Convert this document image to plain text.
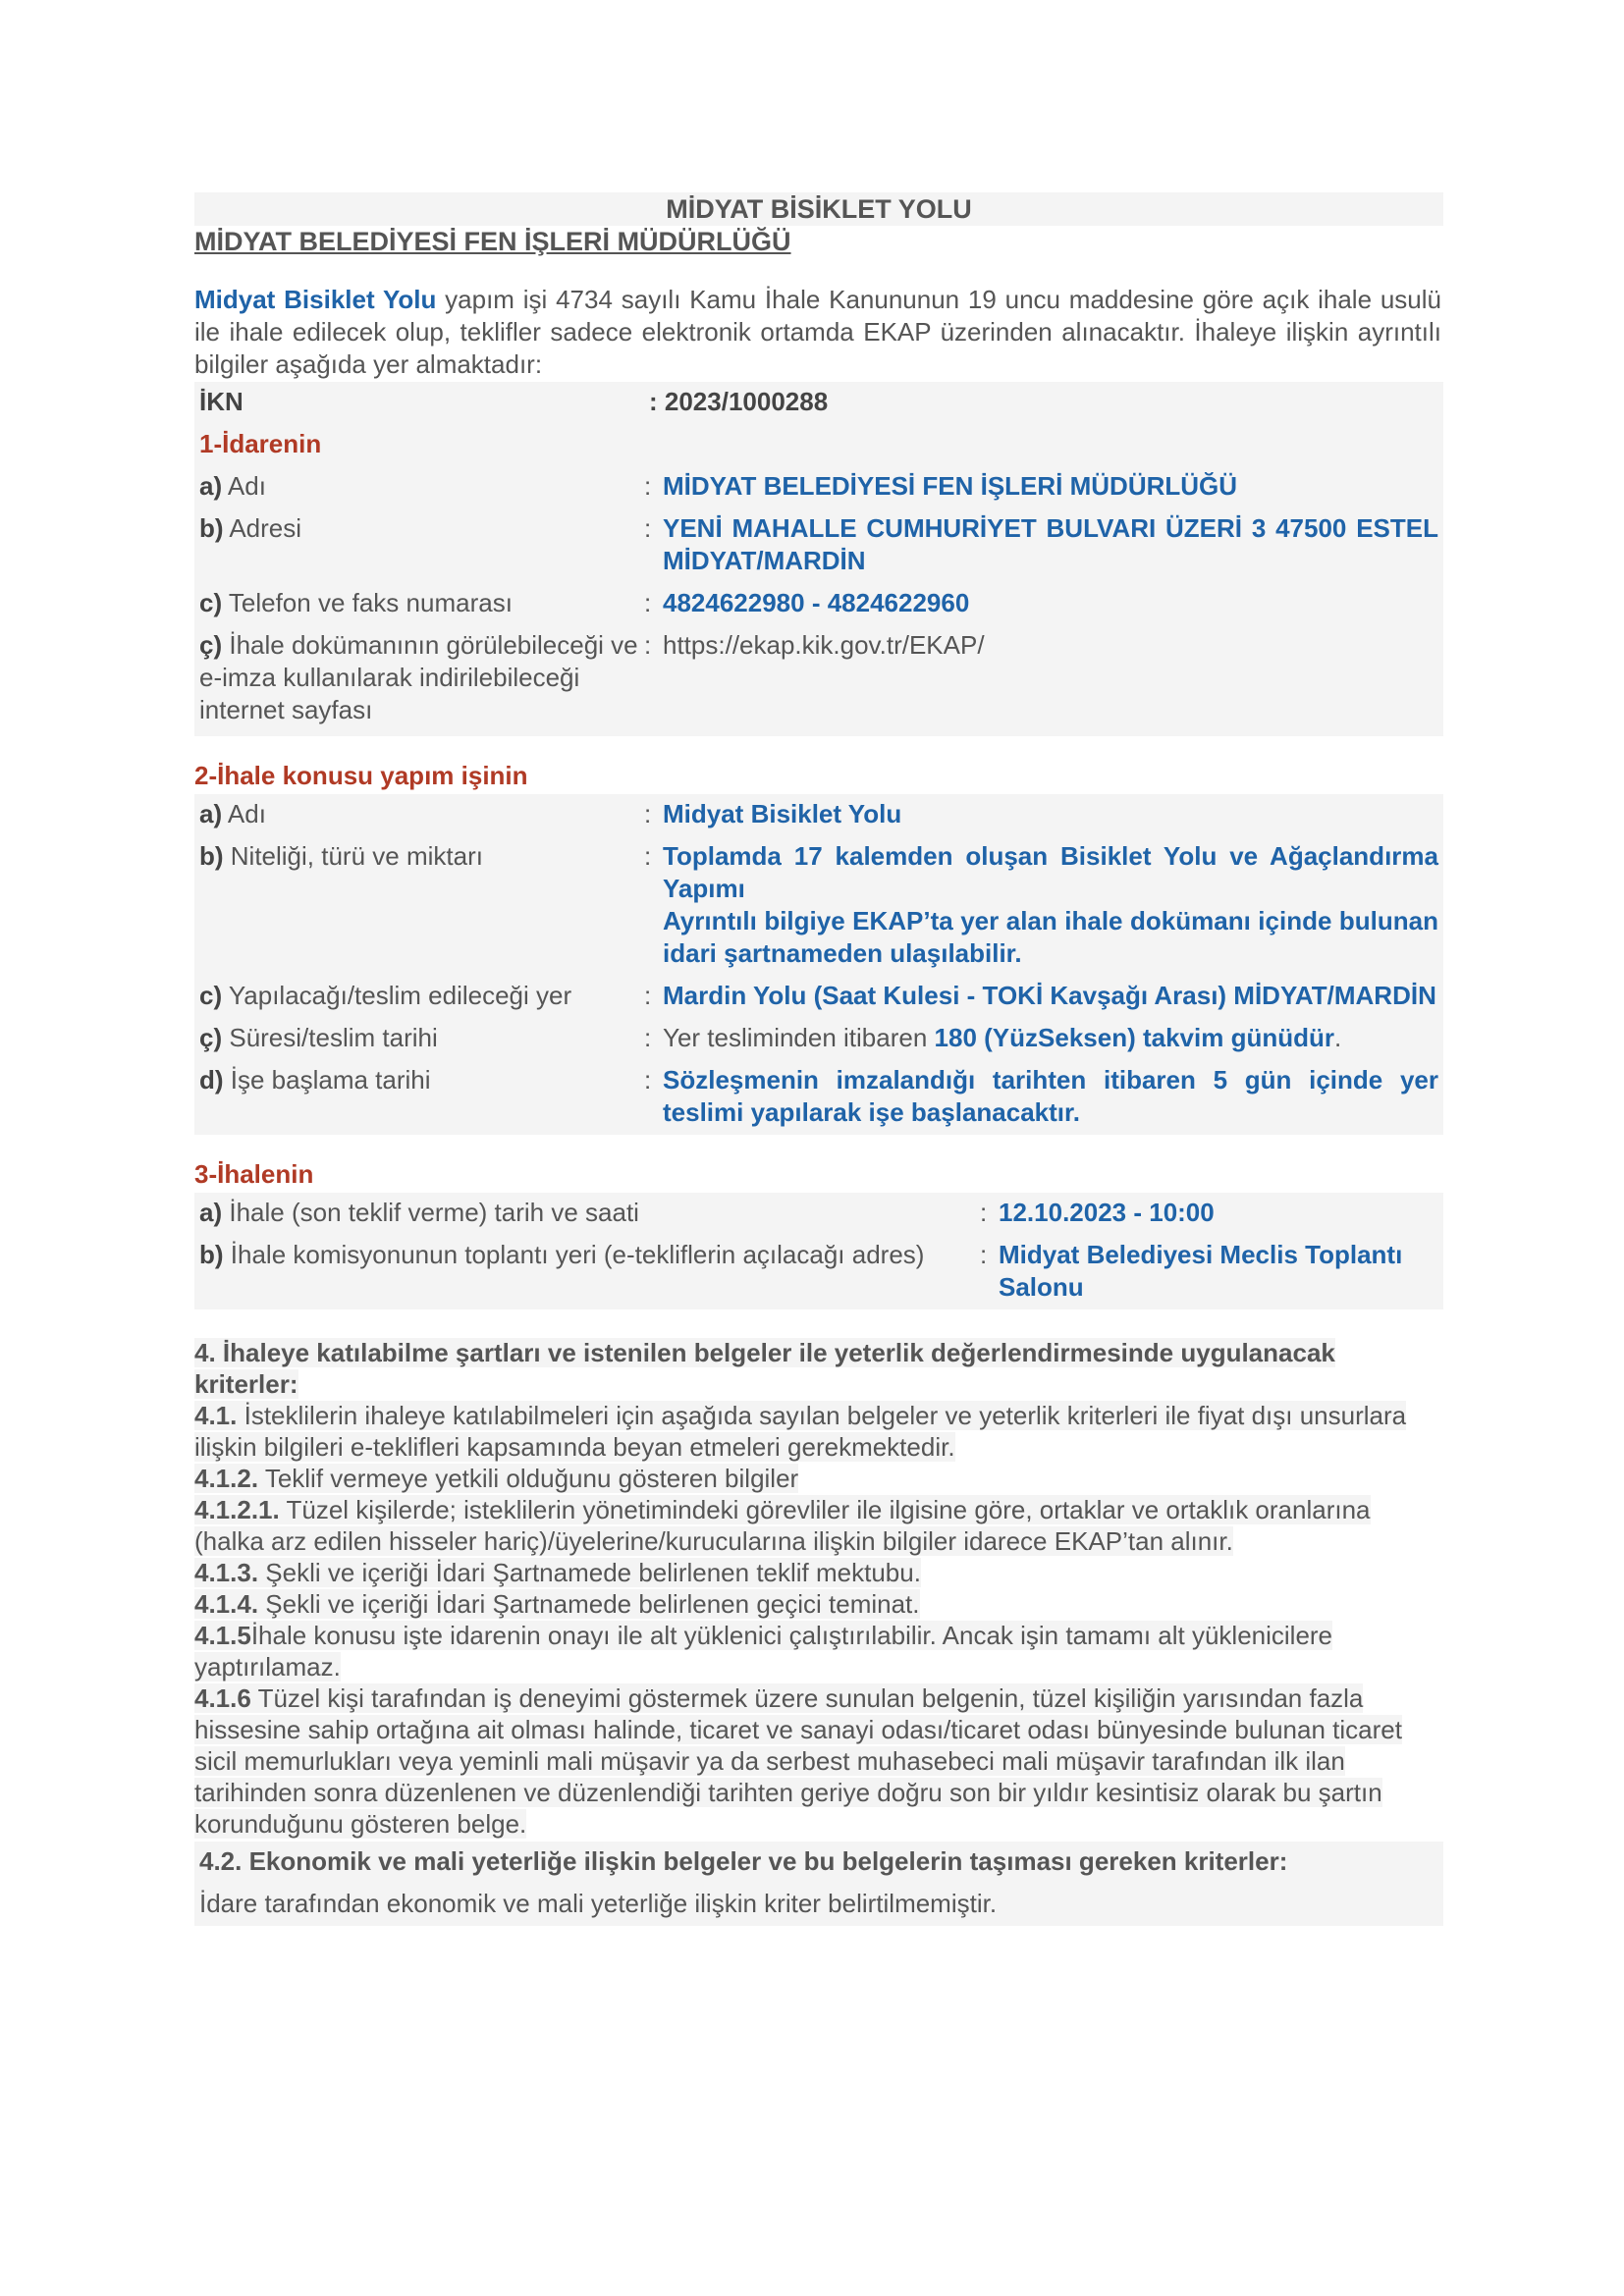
MİDYAT BİSİKLET YOLU
MİDYAT BELEDİYESİ FEN İŞLERİ MÜDÜRLÜĞÜ
Midyat Bisiklet Yolu yapım işi 4734 sayılı Kamu İhale Kanununun 19 uncu maddesine göre açık ihale usulü ile ihale edilecek olup, teklifler sadece elektronik ortamda EKAP üzerinden alınacaktır. İhaleye ilişkin ayrıntılı bilgiler aşağıda yer almaktadır:
İKN	: 2023/1000288	
1-İdarenin		
a) Adı	:	MİDYAT BELEDİYESİ FEN İŞLERİ MÜDÜRLÜĞÜ
b) Adresi	:	YENİ MAHALLE CUMHURİYET BULVARI ÜZERİ 3 47500 ESTEL MİDYAT/MARDİN
c) Telefon ve faks numarası	:	4824622980 - 4824622960
ç) İhale dokümanının görülebileceği ve e-imza kullanılarak indirilebileceği internet sayfası	:	https://ekap.kik.gov.tr/EKAP/
2-İhale konusu yapım işinin
a) Adı	:	Midyat Bisiklet Yolu
b) Niteliği, türü ve miktarı	:	Toplamda 17 kalemden oluşan Bisiklet Yolu ve Ağaçlandırma Yapımı
Ayrıntılı bilgiye EKAP’ta yer alan ihale dokümanı içinde bulunan idari şartnameden ulaşılabilir.

c) Yapılacağı/teslim edileceği yer	:	Mardin Yolu (Saat Kulesi - TOKİ Kavşağı Arası) MİDYAT/MARDİN
ç) Süresi/teslim tarihi	:	Yer tesliminden itibaren 180 (YüzSeksen) takvim günüdür.
d) İşe başlama tarihi	:	Sözleşmenin imzalandığı tarihten itibaren 5 gün içinde yer teslimi yapılarak işe başlanacaktır.
3-İhalenin
a) İhale (son teklif verme) tarih ve saati	:	12.10.2023 - 10:00
b) İhale komisyonunun toplantı yeri (e-tekliflerin açılacağı adres)	:	Midyat Belediyesi Meclis Toplantı Salonu
4. İhaleye katılabilme şartları ve istenilen belgeler ile yeterlik değerlendirmesinde uygulanacak kriterler:
4.1. İsteklilerin ihaleye katılabilmeleri için aşağıda sayılan belgeler ve yeterlik kriterleri ile fiyat dışı unsurlara ilişkin bilgileri e-teklifleri kapsamında beyan etmeleri gerekmektedir.
4.1.2. Teklif vermeye yetkili olduğunu gösteren bilgiler
4.1.2.1. Tüzel kişilerde; isteklilerin yönetimindeki görevliler ile ilgisine göre, ortaklar ve ortaklık oranlarına (halka arz edilen hisseler hariç)/üyelerine/kurucularına ilişkin bilgiler idarece EKAP’tan alınır.
4.1.3. Şekli ve içeriği İdari Şartnamede belirlenen teklif mektubu.
4.1.4. Şekli ve içeriği İdari Şartnamede belirlenen geçici teminat.
4.1.5İhale konusu işte idarenin onayı ile alt yüklenici çalıştırılabilir. Ancak işin tamamı alt yüklenicilere yaptırılamaz.
4.1.6 Tüzel kişi tarafından iş deneyimi göstermek üzere sunulan belgenin, tüzel kişiliğin yarısından fazla hissesine sahip ortağına ait olması halinde, ticaret ve sanayi odası/ticaret odası bünyesinde bulunan ticaret sicil memurlukları veya yeminli mali müşavir ya da serbest muhasebeci mali müşavir tarafından ilk ilan tarihinden sonra düzenlenen ve düzenlendiği tarihten geriye doğru son bir yıldır kesintisiz olarak bu şartın korunduğunu gösteren belge.
4.2. Ekonomik ve mali yeterliğe ilişkin belgeler ve bu belgelerin taşıması gereken kriterler:
İdare tarafından ekonomik ve mali yeterliğe ilişkin kriter belirtilmemiştir.
